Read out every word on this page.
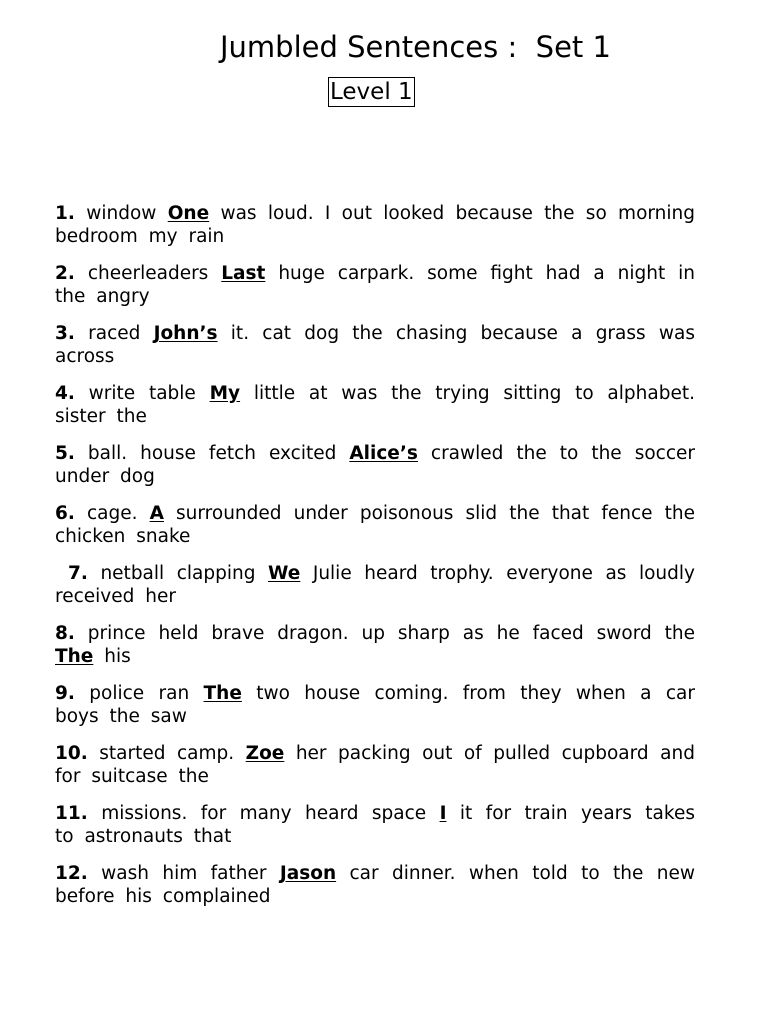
Jumbled Sentences :  Set 1
Level 1
1. window One was loud. I out looked because the so morning bedroom my rain
2. cheerleaders Last huge carpark. some fight had a night in the angry
3. raced John’s it. cat dog the chasing because a grass was across
4. write table My little at was the trying sitting to alphabet. sister the
5. ball. house fetch excited Alice’s crawled the to the soccer under dog
6. cage. A surrounded under poisonous slid the that fence the chicken snake
7. netball clapping We Julie heard trophy. everyone as loudly received her
8. prince held brave dragon. up sharp as he faced sword the The his
9. police ran The two house coming. from they when a car boys the saw
10. started camp. Zoe her packing out of pulled cupboard and for suitcase the
11. missions. for many heard space I it for train years takes to astronauts that
12. wash him father Jason car dinner. when told to the new before his complained
